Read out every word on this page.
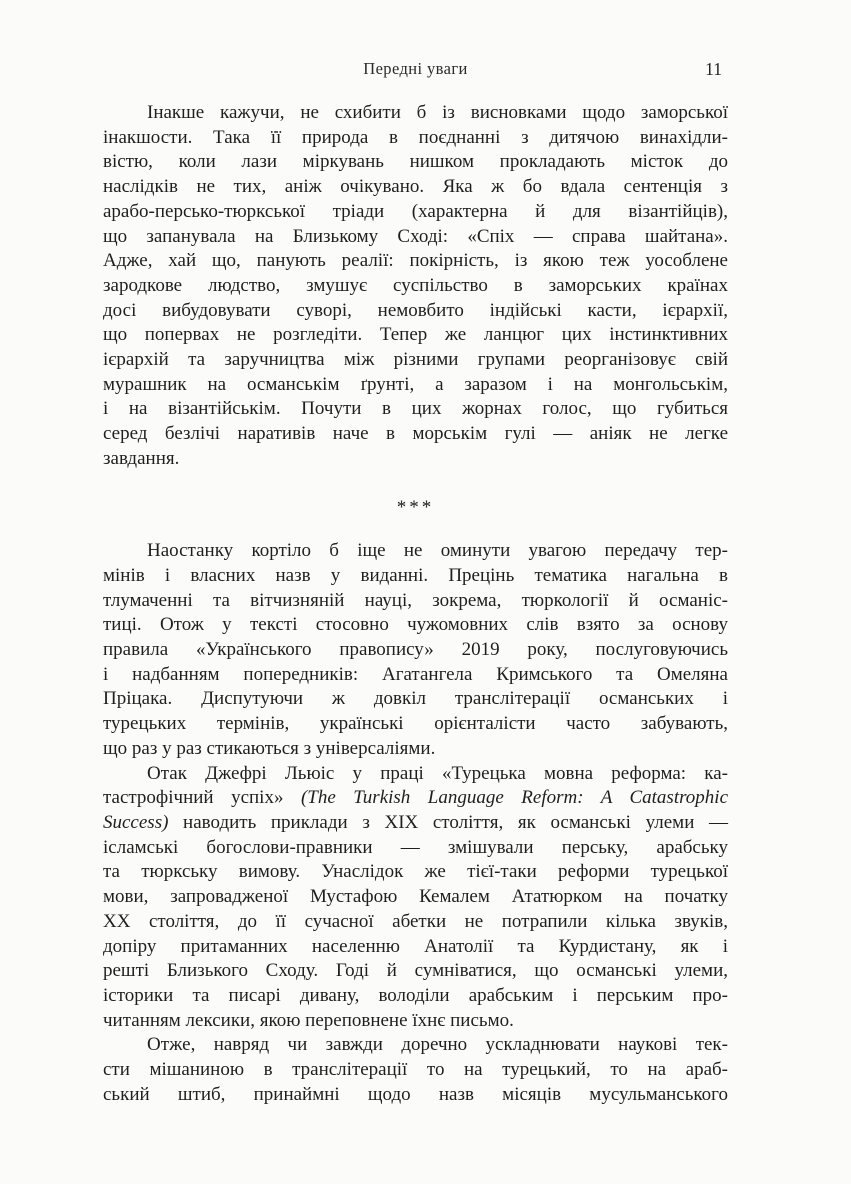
Передні уваги	11
Інакше кажучи, не схибити б із висновками щодо заморської
інакшости. Така її природа в поєднанні з дитячою винахідли-
вістю, коли лази міркувань нишком прокладають місток до
наслідків не тих, аніж очікувано. Яка ж бо вдала сентенція з
арабо-персько-тюркської тріади (характерна й для візантійців),
що запанувала на Близькому Сході: «Спіх — справа шайтана».
Адже, хай що, панують реалії: покірність, із якою теж уособлене
зародкове людство, змушує суспільство в заморських країнах
досі вибудовувати суворі, немовбито індійські касти, ієрархії,
що попервах не розгледіти. Тепер же ланцюг цих інстинктивних
ієрархій та заручництва між різними групами реорганізовує свій
мурашник на османськім ґрунті, а заразом і на монгольськім,
і на візантійськім. Почути в цих жорнах голос, що губиться
серед безлічі наративів наче в морськім гулі — аніяк не легке
завдання.
***
Наостанку кортіло б іще не оминути увагою передачу тер-
мінів і власних назв у виданні. Прецінь тематика нагальна в
тлумаченні та вітчизняній науці, зокрема, тюркології й османіс-
тиці. Отож у тексті стосовно чужомовних слів взято за основу
правила «Українського правопису» 2019 року, послуговуючись
і надбанням попередників: Агатангела Кримського та Омеляна
Пріцака. Диспутуючи ж довкіл транслітерації османських і
турецьких термінів, українські орієнталісти часто забувають,
що раз у раз стикаються з універсаліями.
Отак Джефрі Льюіс у праці «Турецька мовна реформа: ка-
тастрофічний успіх» (The Turkish Language Reform: A Catastrophic
Success) наводить приклади з XIX століття, як османські улеми —
ісламські богослови-правники — змішували перську, арабську
та тюркську вимову. Унаслідок же тієї-таки реформи турецької
мови, запровадженої Мустафою Кемалем Ататюрком на початку
XX століття, до її сучасної абетки не потрапили кілька звуків,
допіру притаманних населенню Анатолії та Курдистану, як і
решті Близького Сходу. Годі й сумніватися, що османські улеми,
історики та писарі дивану, володіли арабським і перським про-
читанням лексики, якою переповнене їхнє письмо.
Отже, навряд чи завжди доречно ускладнювати наукові тек-
сти мішаниною в транслітерації то на турецький, то на араб-
ський штиб, принаймні щодо назв місяців мусульманського
